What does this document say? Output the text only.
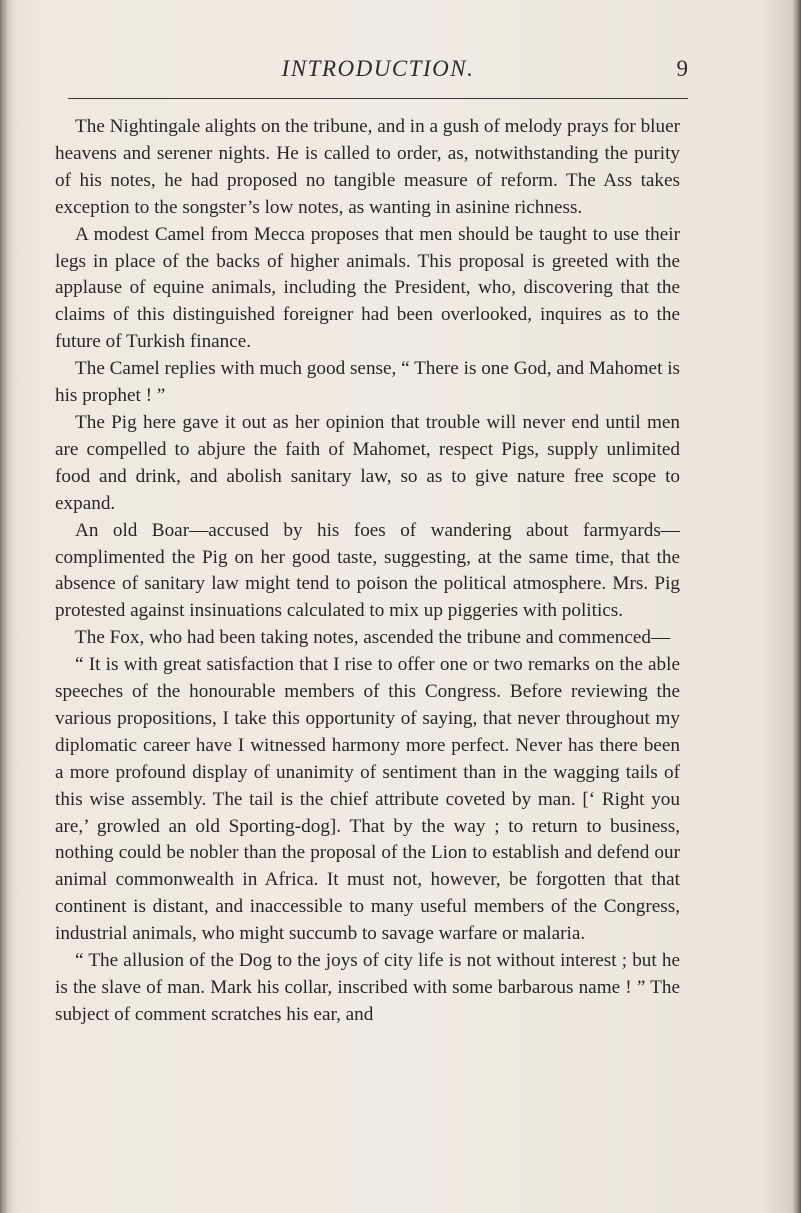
INTRODUCTION.	9

The Nightingale alights on the tribune, and in a gush of melody prays for bluer heavens and serener nights. He is called to order, as, notwithstanding the purity of his notes, he had proposed no tangible measure of reform. The Ass takes exception to the songster’s low notes, as wanting in asinine richness.

A modest Camel from Mecca proposes that men should be taught to use their legs in place of the backs of higher animals. This proposal is greeted with the applause of equine animals, including the President, who, discovering that the claims of this distinguished foreigner had been overlooked, inquires as to the future of Turkish finance.

The Camel replies with much good sense, “ There is one God, and Mahomet is his prophet ! ”

The Pig here gave it out as her opinion that trouble will never end until men are compelled to abjure the faith of Mahomet, respect Pigs, supply unlimited food and drink, and abolish sanitary law, so as to give nature free scope to expand.

An old Boar—accused by his foes of wandering about farmyards—complimented the Pig on her good taste, suggesting, at the same time, that the absence of sanitary law might tend to poison the political atmosphere. Mrs. Pig protested against insinuations calculated to mix up piggeries with politics.

The Fox, who had been taking notes, ascended the tribune and commenced—

“ It is with great satisfaction that I rise to offer one or two remarks on the able speeches of the honourable members of this Congress. Before reviewing the various propositions, I take this opportunity of saying, that never throughout my diplomatic career have I witnessed harmony more perfect. Never has there been a more profound display of unanimity of sentiment than in the wagging tails of this wise assembly. The tail is the chief attribute coveted by man. [‘ Right you are,’ growled an old Sporting-dog]. That by the way ; to return to business, nothing could be nobler than the proposal of the Lion to establish and defend our animal commonwealth in Africa. It must not, however, be forgotten that that continent is distant, and inaccessible to many useful members of the Congress, industrial animals, who might succumb to savage warfare or malaria.

“ The allusion of the Dog to the joys of city life is not without interest ; but he is the slave of man. Mark his collar, inscribed with some barbarous name ! ” The subject of comment scratches his ear, and
